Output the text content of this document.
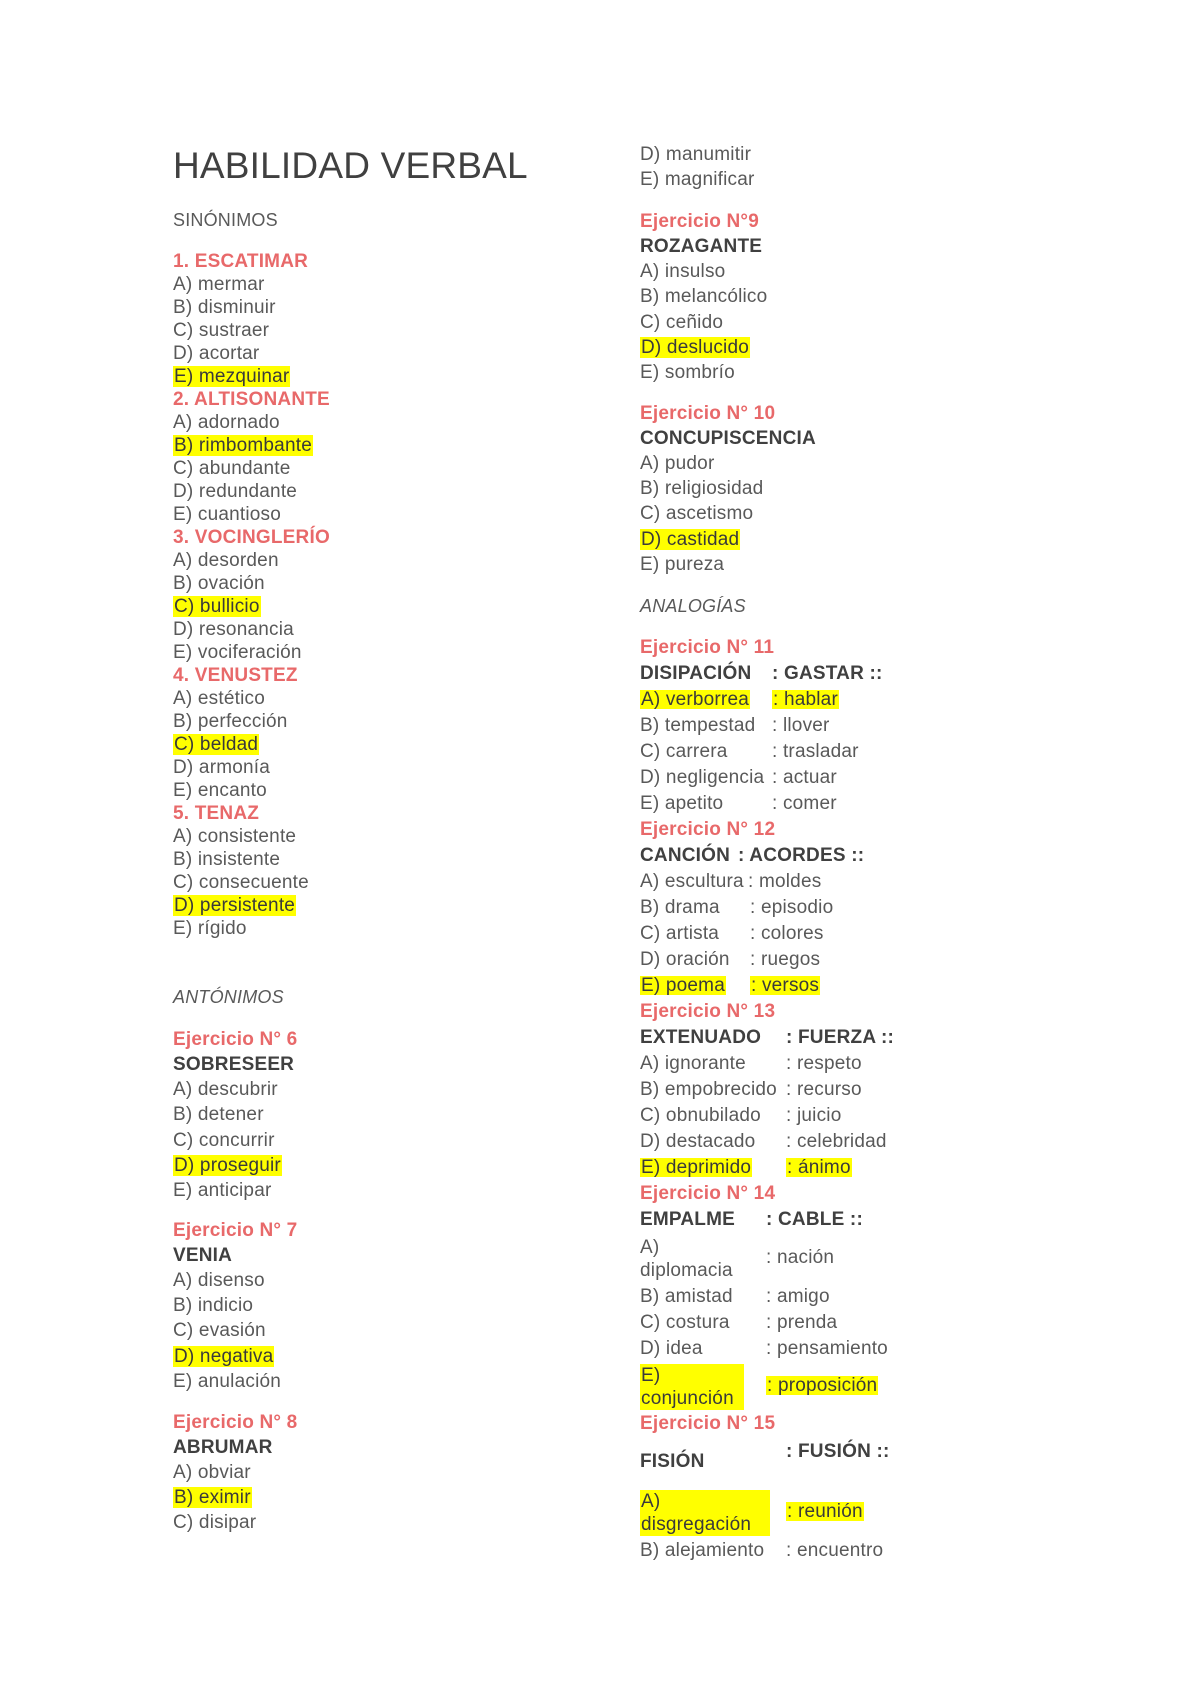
HABILIDAD VERBAL
SINÓNIMOS
1. ESCATIMAR
A) mermar
B) disminuir
C) sustraer
D) acortar
E) mezquinar
2. ALTISONANTE
A) adornado
B) rimbombante
C) abundante
D) redundante
E) cuantioso
3. VOCINGLERÍO
A) desorden
B) ovación
C) bullicio
D) resonancia
E) vociferación
4. VENUSTEZ
A) estético
B) perfección
C) beldad
D) armonía
E) encanto
5. TENAZ
A) consistente
B) insistente
C) consecuente
D) persistente
E) rígido
ANTÓNIMOS
Ejercicio N° 6
SOBRESEER
A) descubrir
B) detener
C) concurrir
D) proseguir
E) anticipar
Ejercicio N° 7
VENIA
A) disenso
B) indicio
C) evasión
D) negativa
E) anulación
Ejercicio N° 8
ABRUMAR
A) obviar
B) eximir
C) disipar
D) manumitir
E) magnificar
Ejercicio N°9
ROZAGANTE
A) insulso
B) melancólico
C) ceñido
D) deslucido
E) sombrío
Ejercicio N° 10
CONCUPISCENCIA
A) pudor
B) religiosidad
C) ascetismo
D) castidad
E) pureza
ANALOGÍAS
Ejercicio N° 11
DISIPACIÓN : GASTAR ::
A) verborrea : hablar
B) tempestad : llover
C) carrera : trasladar
D) negligencia : actuar
E) apetito	: comer
Ejercicio N° 12
CANCIÓN : ACORDES ::
A) escultura : moldes
B) drama : episodio
C) artista : colores
D) oración : ruegos
E) poema : versos
Ejercicio N° 13
EXTENUADO : FUERZA ::
A) ignorante : respeto
B) empobrecido : recurso
C) obnubilado : juicio
D) destacado : celebridad
E) deprimido : ánimo
Ejercicio N° 14
EMPALME : CABLE ::
A) diplomacia
: nación
B) amistad : amigo
C) costura : prenda
D) idea	: pensamiento
E) conjunción
: proposición
Ejercicio N° 15
FISIÓN	: FUSIÓN ::
A) disgregación
: reunión
B) alejamiento : encuentro
